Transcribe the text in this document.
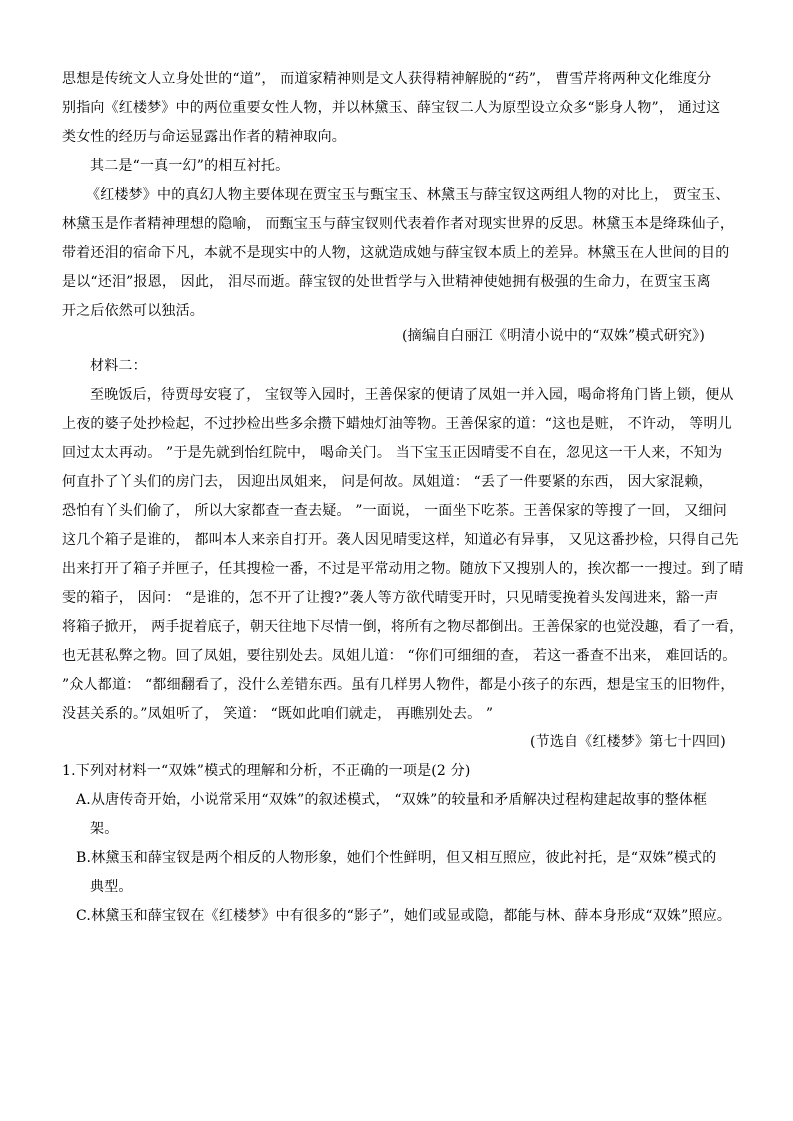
思想是传统文人立身处世的“道”， 而道家精神则是文人获得精神解脱的“药”， 曹雪芹将两种文化维度分
别指向《红楼梦》中的两位重要女性人物，并以林黛玉、薛宝钗二人为原型设立众多“影身人物”， 通过这
类女性的经历与命运显露出作者的精神取向。
其二是“一真一幻”的相互衬托。
《红楼梦》中的真幻人物主要体现在贾宝玉与甄宝玉、林黛玉与薛宝钗这两组人物的对比上， 贾宝玉、
林黛玉是作者精神理想的隐喻， 而甄宝玉与薛宝钗则代表着作者对现实世界的反思。林黛玉本是绛珠仙子，
带着还泪的宿命下凡，本就不是现实中的人物，这就造成她与薛宝钗本质上的差异。林黛玉在人世间的目的
是以“还泪”报恩， 因此， 泪尽而逝。薛宝钗的处世哲学与入世精神使她拥有极强的生命力，在贾宝玉离
开之后依然可以独活。
(摘编自白丽江《明清小说中的“双姝”模式研究》)
材料二：
至晚饭后，待贾母安寝了， 宝钗等入园时，王善保家的便请了凤姐一并入园，喝命将角门皆上锁，便从
上夜的婆子处抄检起，不过抄检出些多余攒下蜡烛灯油等物。王善保家的道：“这也是赃， 不许动， 等明儿
回过太太再动。 ”于是先就到怡红院中， 喝命关门。 当下宝玉正因晴雯不自在，忽见这一干人来，不知为
何直扑了丫头们的房门去， 因迎出凤姐来， 问是何故。凤姐道： “丢了一件要紧的东西， 因大家混赖，
恐怕有丫头们偷了， 所以大家都查一查去疑。 ”一面说， 一面坐下吃茶。王善保家的等搜了一回， 又细问
这几个箱子是谁的， 都叫本人来亲自打开。袭人因见晴雯这样，知道必有异事， 又见这番抄检，只得自己先
出来打开了箱子并匣子，任其搜检一番，不过是平常动用之物。随放下又搜别人的，挨次都一一搜过。到了晴
雯的箱子， 因问： “是谁的，怎不开了让搜?”袭人等方欲代晴雯开时，只见晴雯挽着头发闯进来，豁一声
将箱子掀开， 两手捉着底子，朝天往地下尽情一倒，将所有之物尽都倒出。王善保家的也觉没趣，看了一看，
也无甚私弊之物。回了凤姐，要往别处去。凤姐儿道： “你们可细细的查， 若这一番查不出来， 难回话的。
”众人都道： “都细翻看了，没什么差错东西。虽有几样男人物件，都是小孩子的东西，想是宝玉的旧物件，
没甚关系的。”凤姐听了， 笑道： “既如此咱们就走， 再瞧别处去。 ”
(节选自《红楼梦》第七十四回)
1.下列对材料一“双姝”模式的理解和分析，不正确的一项是(2 分)
A.从唐传奇开始，小说常采用“双姝”的叙述模式， “双姝”的较量和矛盾解决过程构建起故事的整体框
架。
B.林黛玉和薛宝钗是两个相反的人物形象，她们个性鲜明，但又相互照应，彼此衬托，是“双姝”模式的
典型。
C.林黛玉和薛宝钗在《红楼梦》中有很多的“影子”，她们或显或隐，都能与林、薛本身形成“双姝”照应。
